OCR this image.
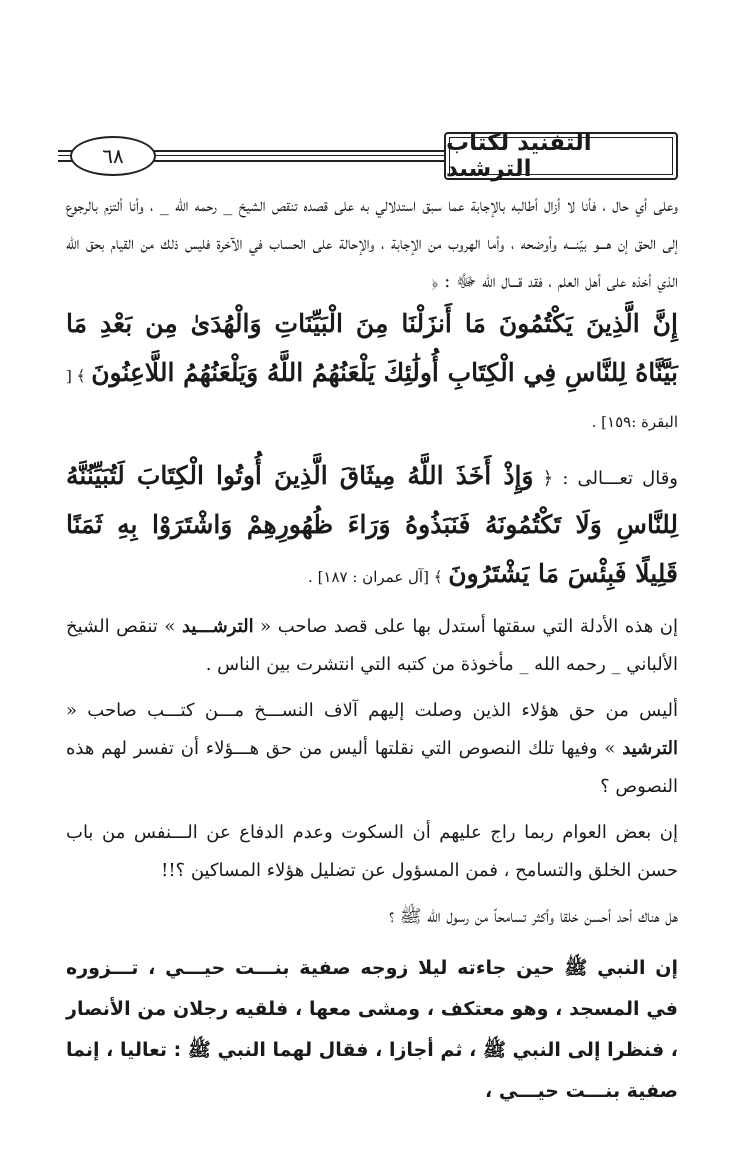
التفنيد لكتاب الترشيد
٦٨

وعلى أي حال ، فأنا لا أزال أطالبه بالإجابة عما سبق استدلالي به على قصده تنقص الشيخ _ رحمه الله _ ، وأنا ألتزم بالرجوع إلى الحق إن هـــو بيّنـــه وأوضحه ، وأما الهروب من الإجابة ، والإحالة على الحساب في الآخرة فليس ذلك من القيام بحق الله الذي أخذه على أهل العلم ، فقد قـــال الله ﷻ : ﴿

إِنَّ الَّذِينَ يَكْتُمُونَ مَا أَنزَلْنَا مِنَ الْبَيِّنَاتِ وَالْهُدَىٰ مِن بَعْدِ مَا بَيَّنَّاهُ لِلنَّاسِ فِي الْكِتَابِ أُولَٰئِكَ يَلْعَنُهُمُ اللَّهُ وَيَلْعَنُهُمُ اللَّاعِنُونَ ﴾ [ البقرة :١٥٩] .

وقال تعـــالى : ﴿ وَإِذْ أَخَذَ اللَّهُ مِيثَاقَ الَّذِينَ أُوتُوا الْكِتَابَ لَتُبَيِّنُنَّهُ لِلنَّاسِ وَلَا تَكْتُمُونَهُ فَنَبَذُوهُ وَرَاءَ ظُهُورِهِمْ وَاشْتَرَوْا بِهِ ثَمَنًا قَلِيلًا فَبِئْسَ مَا يَشْتَرُونَ ﴾ [آل عمران : ١٨٧] .

إن هذه الأدلة التي سقتها أستدل بها على قصد صاحب « الترشـــيد » تنقص الشيخ الألباني _ رحمه الله _ مأخوذة من كتبه التي انتشرت بين الناس .

أليس من حق هؤلاء الذين وصلت إليهم آلاف النســـخ مـــن كتـــب صاحب « الترشيد » وفيها تلك النصوص التي نقلتها أليس من حق هـــؤلاء أن تفسر لهم هذه النصوص ؟

إن بعض العوام ربما راج عليهم أن السكوت وعدم الدفاع عن الـــنفس من باب حسن الخلق والتسامح ، فمن المسؤول عن تضليل هؤلاء المساكين ؟!!

هل هناك أحد أحسن خلقا وأكثر تسامحاً من رسول الله ﷺ ؟

إن النبي ﷺ حين جاءته ليلا زوجه صفية بنـــت حيـــي ، تـــزوره في المسجد ، وهو معتكف ، ومشى معها ، فلقيه رجلان من الأنصار ، فنظرا إلى النبي ﷺ ، ثم أجازا ، فقال لهما النبي ﷺ : تعاليا ، إنما صفية بنـــت حيـــي ،
